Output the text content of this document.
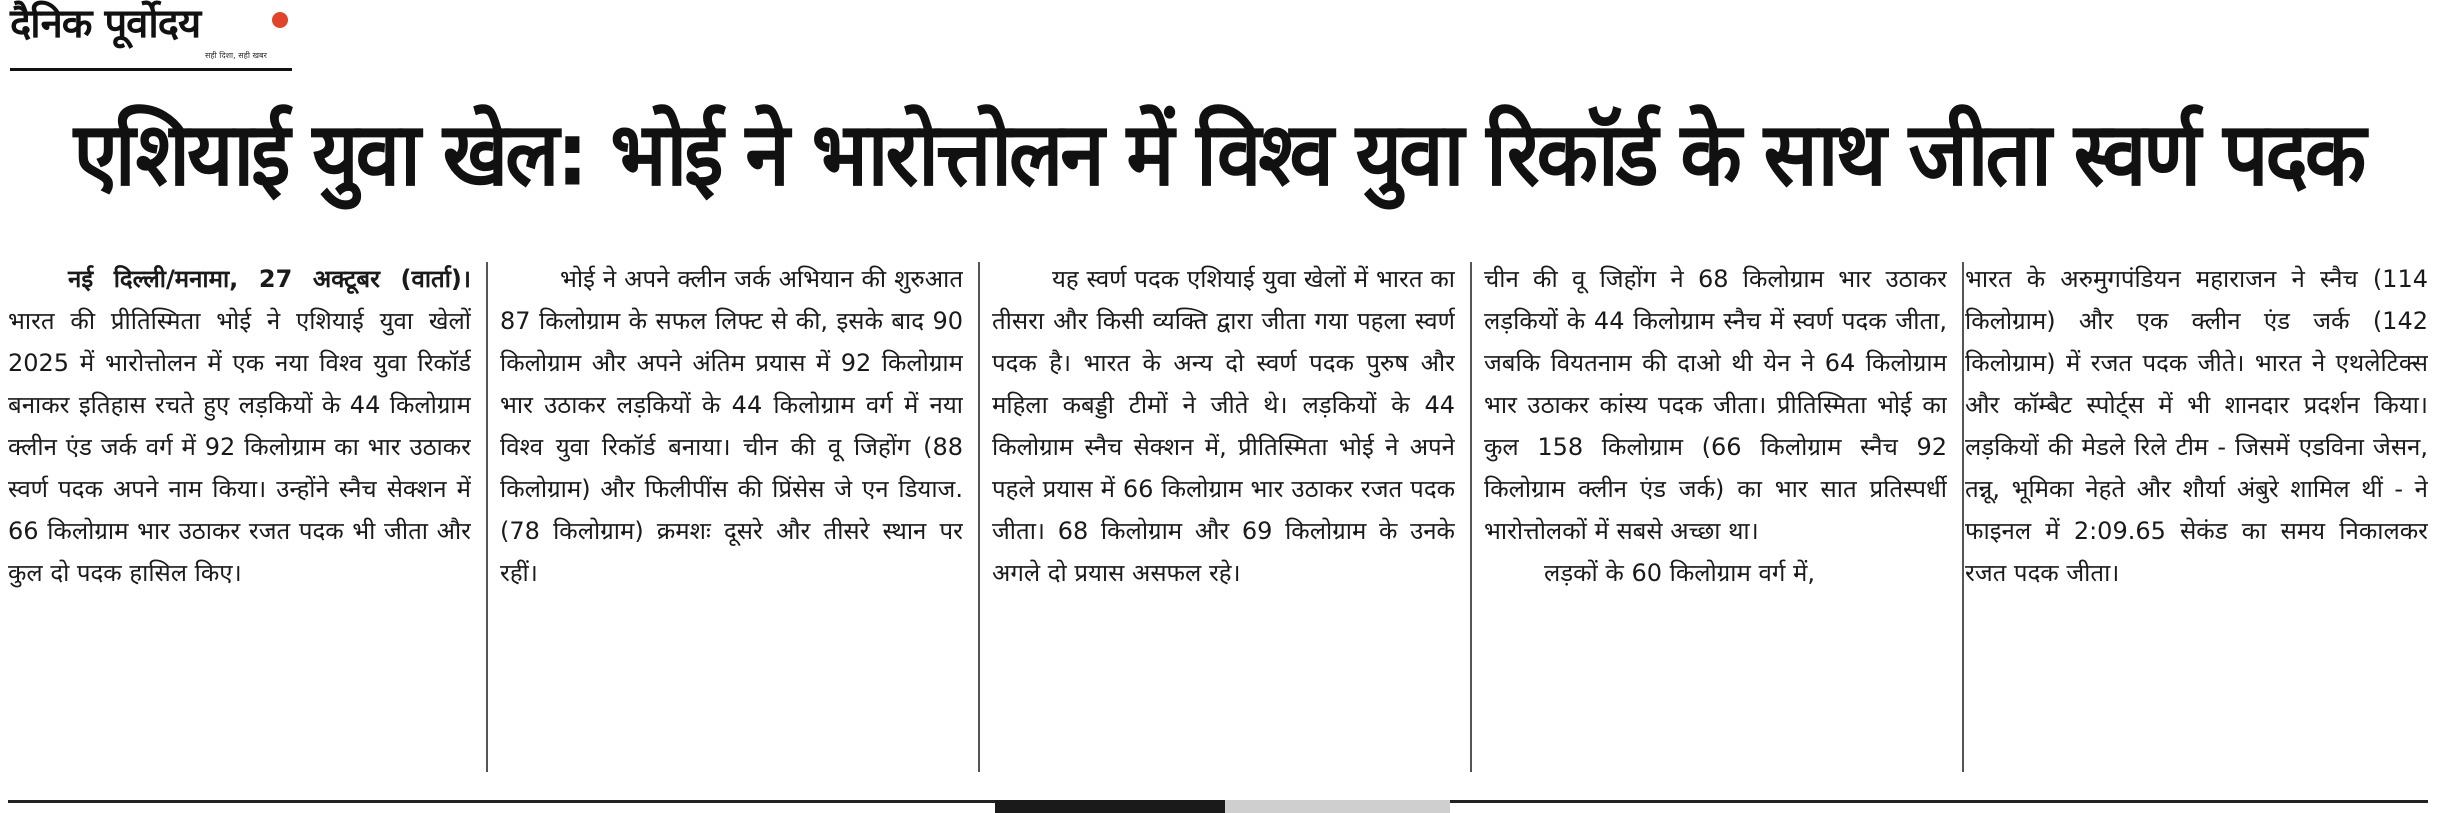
दैनिक पूर्वोदय
सही दिशा, सही खबर
एशियाई युवा खेल: भोई ने भारोत्तोलन में विश्व युवा रिकॉर्ड के साथ जीता स्वर्ण पदक

नई दिल्ली/मनामा, 27 अक्टूबर (वार्ता)। भारत की प्रीतिस्मिता भोई ने एशियाई युवा खेलों 2025 में भारोत्तोलन में एक नया विश्व युवा रिकॉर्ड बनाकर इतिहास रचते हुए लड़कियों के 44 किलोग्राम क्लीन एंड जर्क वर्ग में 92 किलोग्राम का भार उठाकर स्वर्ण पदक अपने नाम किया। उन्होंने स्नैच सेक्शन में 66 किलोग्राम भार उठाकर रजत पदक भी जीता और कुल दो पदक हासिल किए।

भोई ने अपने क्लीन जर्क अभियान की शुरुआत 87 किलोग्राम के सफल लिफ्ट से की, इसके बाद 90 किलोग्राम और अपने अंतिम प्रयास में 92 किलोग्राम भार उठाकर लड़कियों के 44 किलोग्राम वर्ग में नया विश्व युवा रिकॉर्ड बनाया। चीन की वू जिहोंग (88 किलोग्राम) और फिलीपींस की प्रिंसेस जे एन डियाज.(78 किलोग्राम) क्रमशः दूसरे और तीसरे स्थान पर रहीं।

यह स्वर्ण पदक एशियाई युवा खेलों में भारत का तीसरा और किसी व्यक्ति द्वारा जीता गया पहला स्वर्ण पदक है। भारत के अन्य दो स्वर्ण पदक पुरुष और महिला कबड्डी टीमों ने जीते थे। लड़कियों के 44 किलोग्राम स्नैच सेक्शन में, प्रीतिस्मिता भोई ने अपने पहले प्रयास में 66 किलोग्राम भार उठाकर रजत पदक जीता। 68 किलोग्राम और 69 किलोग्राम के उनके अगले दो प्रयास असफल रहे।

चीन की वू जिहोंग ने 68 किलोग्राम भार उठाकर लड़कियों के 44 किलोग्राम स्नैच में स्वर्ण पदक जीता, जबकि वियतनाम की दाओ थी येन ने 64 किलोग्राम भार उठाकर कांस्य पदक जीता। प्रीतिस्मिता भोई का कुल 158 किलोग्राम (66 किलोग्राम स्नैच 92 किलोग्राम क्लीन एंड जर्क) का भार सात प्रतिस्पर्धी भारोत्तोलकों में सबसे अच्छा था।

लड़कों के 60 किलोग्राम वर्ग में,

भारत के अरुमुगपंडियन महाराजन ने स्नैच (114 किलोग्राम) और एक क्लीन एंड जर्क (142 किलोग्राम) में रजत पदक जीते। भारत ने एथलेटिक्स और कॉम्बैट स्पोर्ट्स में भी शानदार प्रदर्शन किया। लड़कियों की मेडले रिले टीम - जिसमें एडविना जेसन, तन्नू, भूमिका नेहते और शौर्या अंबुरे शामिल थीं - ने फाइनल में 2:09.65 सेकंड का समय निकालकर रजत पदक जीता।
